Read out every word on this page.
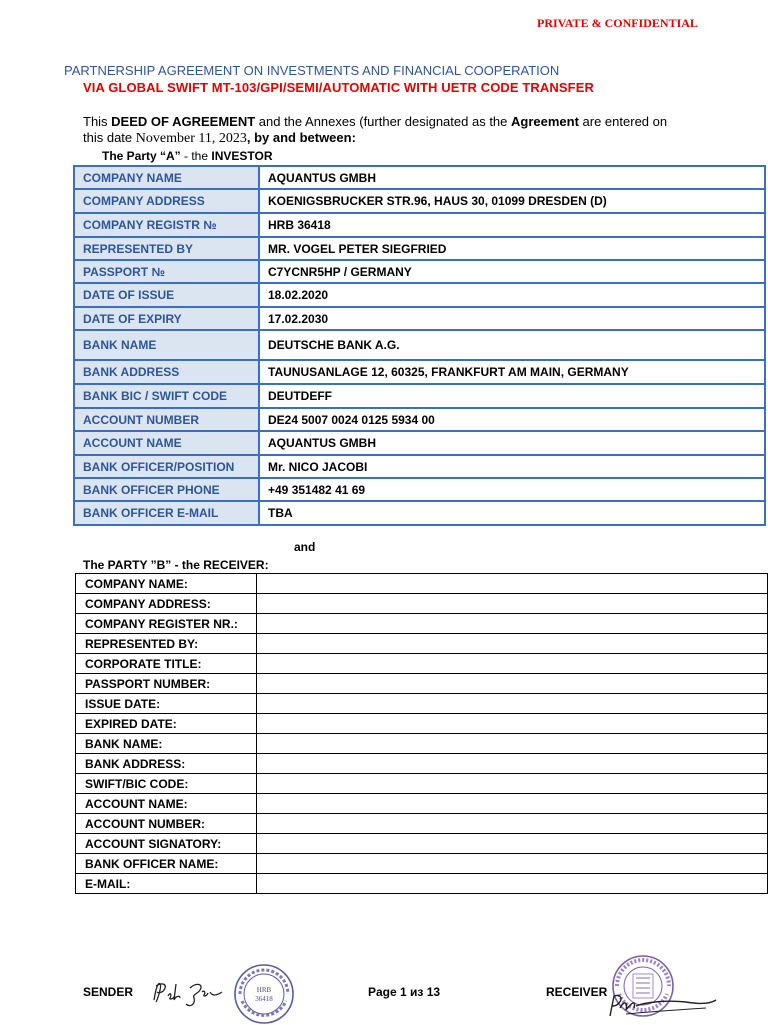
PRIVATE & CONFIDENTIAL
PARTNERSHIP AGREEMENT ON INVESTMENTS AND FINANCIAL COOPERATION
VIA GLOBAL SWIFT MT-103/GPI/SEMI/AUTOMATIC WITH UETR CODE TRANSFER
This DEED OF AGREEMENT and the Annexes (further designated as the Agreement are entered on
this date November 11, 2023, by and between:
The Party “A” - the INVESTOR
COMPANY NAME	AQUANTUS GMBH
COMPANY ADDRESS	KOENIGSBRUCKER STR.96, HAUS 30, 01099 DRESDEN (D)
COMPANY REGISTR №	HRB 36418
REPRESENTED BY	MR. VOGEL PETER SIEGFRIED
PASSPORT №	C7YCNR5HP / GERMANY
DATE OF ISSUE	18.02.2020
DATE OF EXPIRY	17.02.2030
BANK NAME	DEUTSCHE BANK A.G.
BANK ADDRESS	TAUNUSANLAGE 12, 60325, FRANKFURT AM MAIN, GERMANY
BANK BIC / SWIFT CODE	DEUTDEFF
ACCOUNT NUMBER	DE24 5007 0024 0125 5934 00
ACCOUNT NAME	AQUANTUS GMBH
BANK OFFICER/POSITION	Mr. NICO JACOBI
BANK OFFICER PHONE	+49 351482 41 69
BANK OFFICER E-MAIL	TBA
and
The PARTY ”B” - the RECEIVER:
COMPANY NAME:	
COMPANY ADDRESS:	
COMPANY REGISTER NR.:	
REPRESENTED BY:	
CORPORATE TITLE:	
PASSPORT NUMBER:	
ISSUE DATE:	
EXPIRED DATE:	
BANK NAME:	
BANK ADDRESS:	
SWIFT/BIC CODE:	
ACCOUNT NAME:	
ACCOUNT NUMBER:	
ACCOUNT SIGNATORY:	
BANK OFFICER NAME:	
E-MAIL:	
SENDER	Page 1 из 13	RECEIVER
HRB
36418
